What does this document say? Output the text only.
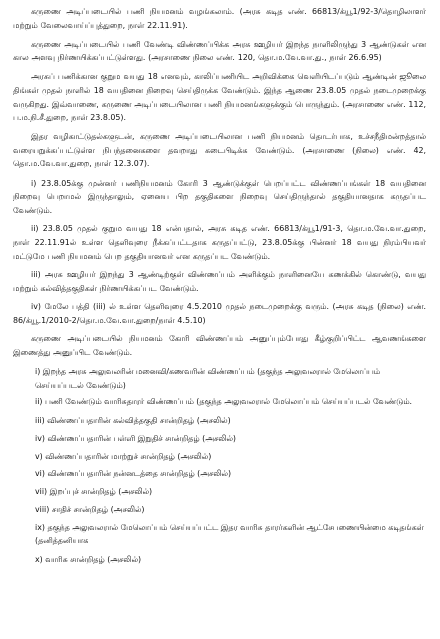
கருணை அடிப்படையில் பணி நியமனம் வழங்கலாம். (அரசு கடித எண். 66813/க்யூ1/92-3/தொழிலாளர் மற்றும் வேலைவாய்ப்புத்துறை, நாள் 22.11.91).

கருணை அடிப்படையில் பணி வேண்டி விண்ணப்பிக்க அரசு ஊழியர் இறந்த நாளிலிருந்து 3 ஆண்டுகள் என கால அளவு நிர்ணயிக்கப்பட்டுள்ளது. (அரசாணை நிலை எண். 120, தொ.ம.வே.வா.து., நாள் 26.6.95)

அரசுப் பணிக்கான குறும வயது 18 எனவும், காலிப்பணியிட அறிவிக்கை வெளியிடப்படும் ஆண்டின் ஜூலை திங்கள் முதல் நாளில் 18 வயதினை நிறைவு செய்திருக்க வேண்டும். இந்த ஆணை 23.8.05 முதல் நடைமுறைக்கு வருகிறது. இவ்வாணை, கருணை அடிப்படையிலான பணி நியமனங்களுக்கும் பொருந்தும். (அரசாணை எண். 112, ப.ம.நி.சீ.துறை, நாள் 23.8.05).

இதர வழிகாட்டுதல்களுடன், கருணை அடிப்படையிலான பணி நியமனம் தொடர்பாக, உச்சநீதிமன்றத்தால் வரையறுக்கப்பட்டுள்ள நிபந்தனைகளை தவறாது கடைபிடிக்க வேண்டும். (அரசாணை (நிலை) எண். 42, தொ.ம.வே.வா.துறை, நாள் 12.3.07).

i) 23.8.05க்கு முன்னர் பணிநியமனம் கோரி 3 ஆண்டுக்குள் பெறப்பட்ட விண்ணப்பங்கள் 18 வயதினை நிறைவு பெறாமல் இருந்தாலும், ஏனைய பிற தகுதிகளை நிறைவு செய்திருந்தால் தகுதியானதாக கருதப்பட வேண்டும்.

ii) 23.8.05 முதல் குறும வயது 18 என்பதால், அரசு கடித எண். 66813/க்யூ1/91-3, தொ.ம.வே.வா.துறை, நாள் 22.11.91ல் உள்ள தெளிவுரை நீக்கப்பட்டதாக கருதப்பட்டு, 23.8.05க்கு பின்னர் 18 வயது நிரம்பியவர் மட்டுமே பணி நியமனம் பெற தகுதியானவர் என கருதப்பட வேண்டும்.

iii) அரசு ஊழியர் இறந்து 3 ஆண்டிற்குள் விண்ணப்பம் அளிக்கும் நாளினையே கணக்கில் கொண்டு, வயது மற்றும் கல்வித்தகுதிகள் நிர்ணயிக்கப்பட வேண்டும்.

iv) மேலே பத்தி (iii) ல் உள்ள தெளிவுரை 4.5.2010 முதல் நடைமுறைக்கு வரும். (அரசு கடித (நிலை) எண். 86/க்யூ.1/2010-2/தொ.ம.வே.வா.துறை/நாள் 4.5.10)

கருணை அடிப்படையில் நியமனம் கோரி விண்ணப்பம் அனுப்பும்போது கீழ்குறிப்பிட்ட ஆவணங்களை இணைத்து அனுப்பிட வேண்டும்.

i) இறந்த அரசு அலுவலரின் மனைவி/கணவரின் விண்ணப்பம் (தகுந்த அலுவலரால் மேலொப்பம் செய்யப்படல் வேண்டும்)

ii) பணி வேண்டும் வாரிசுதாரர் விண்ணப்பம் (தகுந்த அலுவலரால் மேலொப்பம் செய்யப்படல் வேண்டும்.

iii) விண்ணப்பதாரின் கல்வித்தகுதி சான்றிதழ் (அசலில்)

iv) விண்ணப்பதாரின் பள்ளி இறுதிச் சான்றிதழ் (அசலில்)

v) விண்ணப்பதாரின் மாற்றுச் சான்றிதழ் (அசலில்)

vi) விண்ணப்பதாரின் நன்னடத்தை சான்றிதழ் (அசலில்)

vii) இறப்புச் சான்றிதழ் (அசலில்)

viii) சாதிச் சான்றிதழ் (அசலில்)

ix) தகுந்த அலுவலரால் மேலொப்பம் செய்யப்பட்ட இதர வாரிசு தாரர்களின் ஆட்சேபணையின்மை கடிதங்கள் (தனித்தனியாக

x) வாரிசு சான்றிதழ் (அசலில்)
